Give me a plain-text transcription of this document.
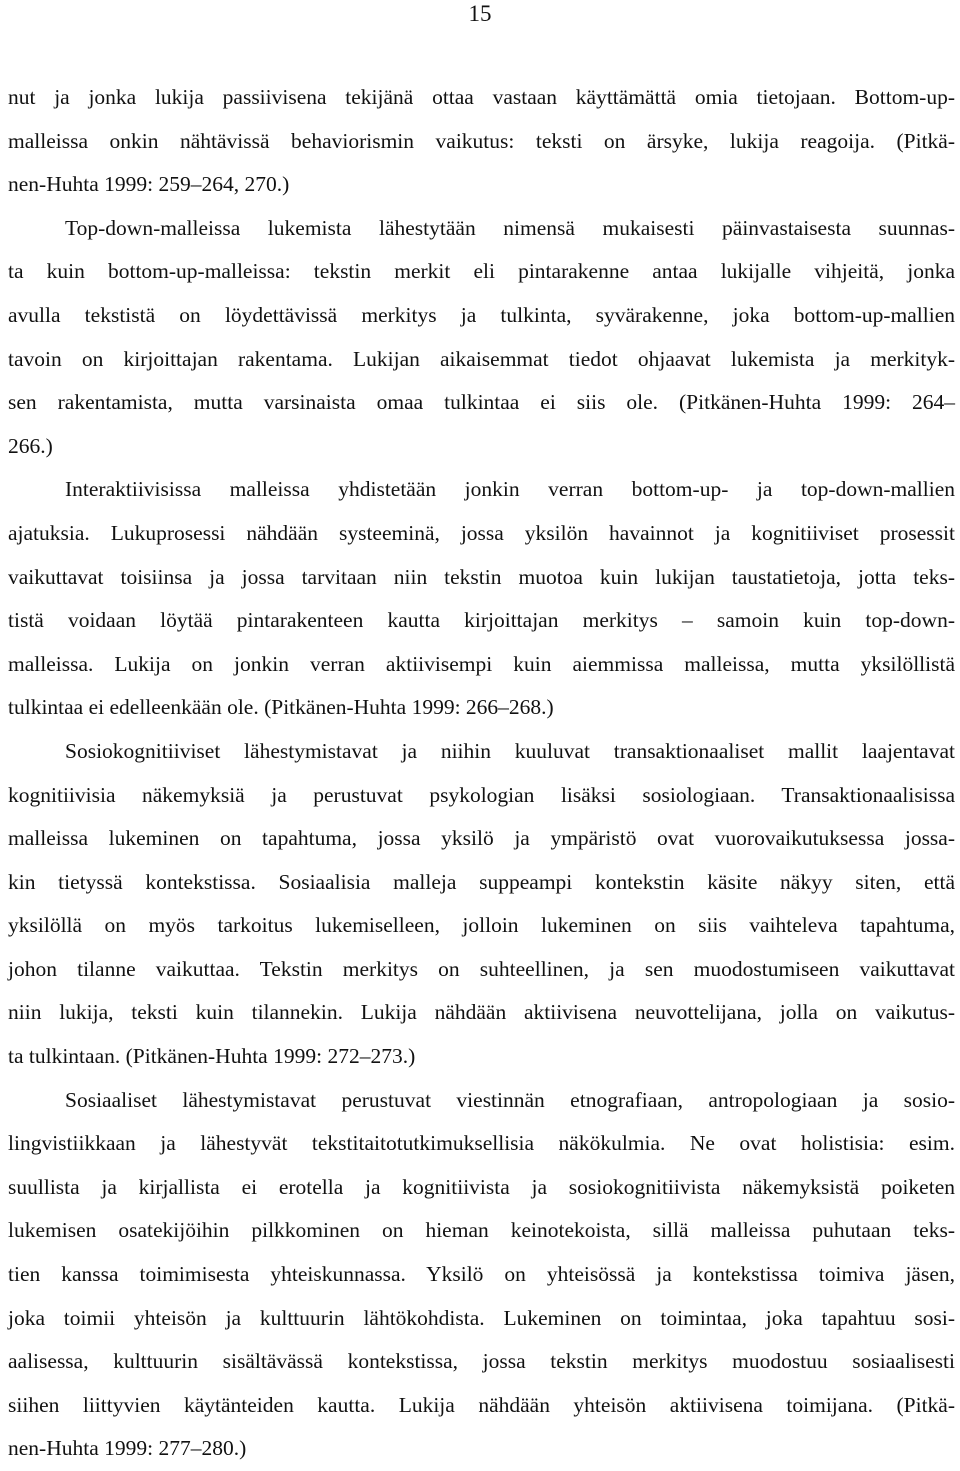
15
nut ja jonka lukija passiivisena tekijänä ottaa vastaan käyttämättä omia tietojaan. Bottom-up-
malleissa onkin nähtävissä behaviorismin vaikutus: teksti on ärsyke, lukija reagoija. (Pitkä-
nen-Huhta 1999: 259–264, 270.)
Top-down-malleissa lukemista lähestytään nimensä mukaisesti päinvastaisesta suunnas-
ta kuin bottom-up-malleissa: tekstin merkit eli pintarakenne antaa lukijalle vihjeitä, jonka
avulla tekstistä on löydettävissä merkitys ja tulkinta, syvärakenne, joka bottom-up-mallien
tavoin on kirjoittajan rakentama. Lukijan aikaisemmat tiedot ohjaavat lukemista ja merkityk-
sen rakentamista, mutta varsinaista omaa tulkintaa ei siis ole. (Pitkänen-Huhta 1999: 264–
266.)
Interaktiivisissa malleissa yhdistetään jonkin verran bottom-up- ja top-down-mallien
ajatuksia. Lukuprosessi nähdään systeeminä, jossa yksilön havainnot ja kognitiiviset prosessit
vaikuttavat toisiinsa ja jossa tarvitaan niin tekstin muotoa kuin lukijan taustatietoja, jotta teks-
tistä voidaan löytää pintarakenteen kautta kirjoittajan merkitys – samoin kuin top-down-
malleissa. Lukija on jonkin verran aktiivisempi kuin aiemmissa malleissa, mutta yksilöllistä
tulkintaa ei edelleenkään ole. (Pitkänen-Huhta 1999: 266–268.)
Sosiokognitiiviset lähestymistavat ja niihin kuuluvat transaktionaaliset mallit laajentavat
kognitiivisia näkemyksiä ja perustuvat psykologian lisäksi sosiologiaan. Transaktionaalisissa
malleissa lukeminen on tapahtuma, jossa yksilö ja ympäristö ovat vuorovaikutuksessa jossa-
kin tietyssä kontekstissa. Sosiaalisia malleja suppeampi kontekstin käsite näkyy siten, että
yksilöllä on myös tarkoitus lukemiselleen, jolloin lukeminen on siis vaihteleva tapahtuma,
johon tilanne vaikuttaa. Tekstin merkitys on suhteellinen, ja sen muodostumiseen vaikuttavat
niin lukija, teksti kuin tilannekin. Lukija nähdään aktiivisena neuvottelijana, jolla on vaikutus-
ta tulkintaan. (Pitkänen-Huhta 1999: 272–273.)
Sosiaaliset lähestymistavat perustuvat viestinnän etnografiaan, antropologiaan ja sosio-
lingvistiikkaan ja lähestyvät tekstitaitotutkimuksellisia näkökulmia. Ne ovat holistisia: esim.
suullista ja kirjallista ei erotella ja kognitiivista ja sosiokognitiivista näkemyksistä poiketen
lukemisen osatekijöihin pilkkominen on hieman keinotekoista, sillä malleissa puhutaan teks-
tien kanssa toimimisesta yhteiskunnassa. Yksilö on yhteisössä ja kontekstissa toimiva jäsen,
joka toimii yhteisön ja kulttuurin lähtökohdista. Lukeminen on toimintaa, joka tapahtuu sosi-
aalisessa, kulttuurin sisältävässä kontekstissa, jossa tekstin merkitys muodostuu sosiaalisesti
siihen liittyvien käytänteiden kautta. Lukija nähdään yhteisön aktiivisena toimijana. (Pitkä-
nen-Huhta 1999: 277–280.)
